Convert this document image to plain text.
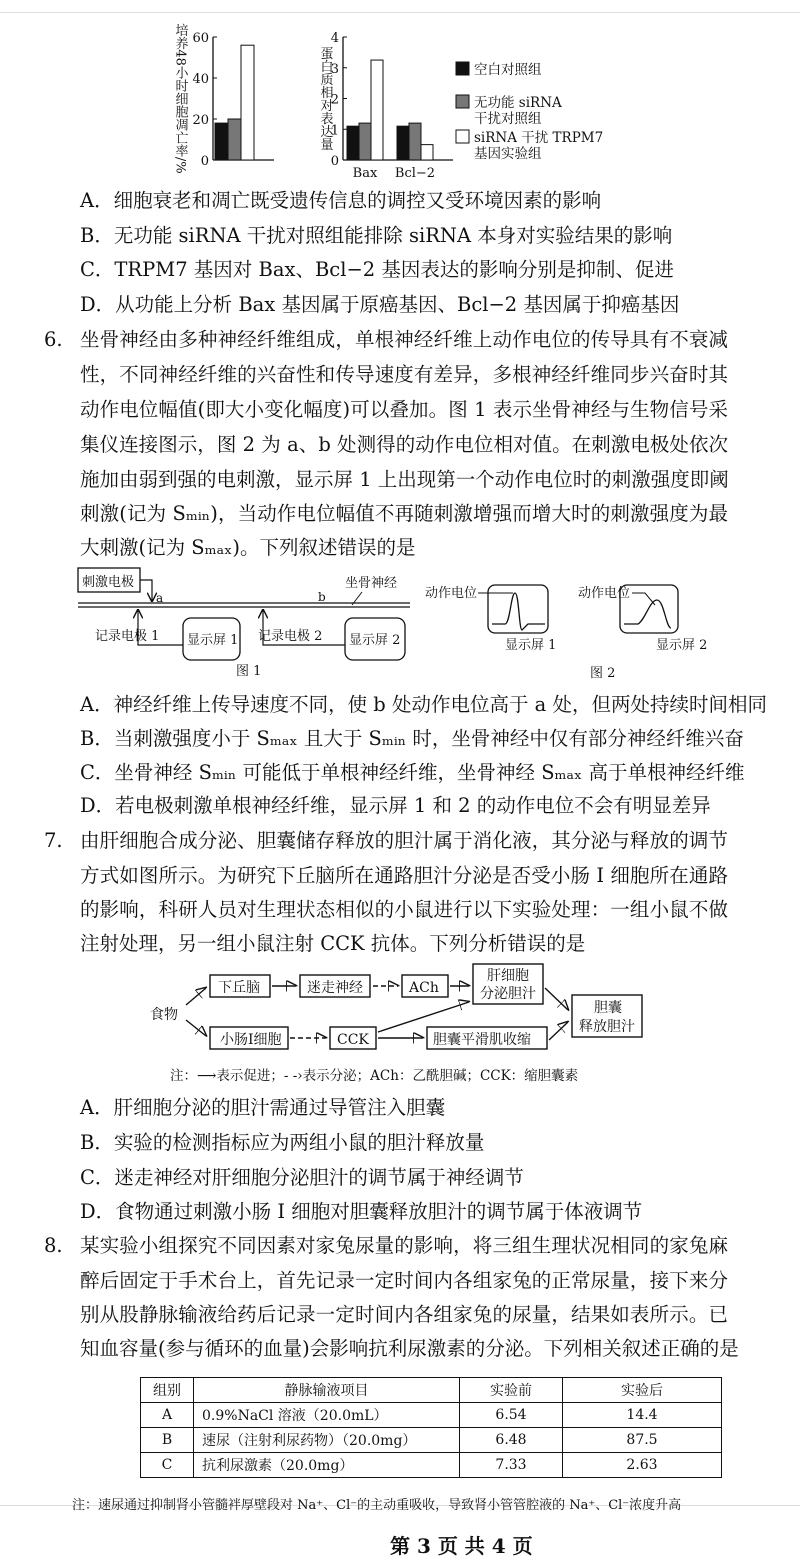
0
20
40
60
培养48小时细胞凋亡率/%	0
1
2
3
4
Bax Bcl−2
蛋白质相对表达量	空白对照组
无功能 siRNA
干扰对照组
siRNA 干扰 TRPM7
基因实验组
A．细胞衰老和凋亡既受遗传信息的调控又受环境因素的影响
B．无功能 siRNA 干扰对照组能排除 siRNA 本身对实验结果的影响
C．TRPM7 基因对 Bax、Bcl−2 基因表达的影响分别是抑制、促进
D．从功能上分析 Bax 基因属于原癌基因、Bcl−2 基因属于抑癌基因
6. 坐骨神经由多种神经纤维组成，单根神经纤维上动作电位的传导具有不衰减
性，不同神经纤维的兴奋性和传导速度有差异，多根神经纤维同步兴奋时其
动作电位幅值(即大小变化幅度)可以叠加。图 1 表示坐骨神经与生物信号采
集仪连接图示，图 2 为 a、b 处测得的动作电位相对值。在刺激电极处依次
施加由弱到强的电刺激，显示屏 1 上出现第一个动作电位时的刺激强度即阈
刺激(记为 Sₘᵢₙ)，当动作电位幅值不再随刺激增强而增大时的刺激强度为最
大刺激(记为 Sₘₐₓ)。下列叙述错误的是
A．神经纤维上传导速度不同，使 b 处动作电位高于 a 处，但两处持续时间相同
B．当刺激强度小于 Sₘₐₓ 且大于 Sₘᵢₙ 时，坐骨神经中仅有部分神经纤维兴奋
C．坐骨神经 Sₘᵢₙ 可能低于单根神经纤维，坐骨神经 Sₘₐₓ 高于单根神经纤维
D．若电极刺激单根神经纤维，显示屏 1 和 2 的动作电位不会有明显差异
7. 由肝细胞合成分泌、胆囊储存释放的胆汁属于消化液，其分泌与释放的调节
方式如图所示。为研究下丘脑所在通路胆汁分泌是否受小肠 I 细胞所在通路
的影响，科研人员对生理状态相似的小鼠进行以下实验处理：一组小鼠不做
注射处理，另一组小鼠注射 CCK 抗体。下列分析错误的是
A．肝细胞分泌的胆汁需通过导管注入胆囊
B．实验的检测指标应为两组小鼠的胆汁释放量
C．迷走神经对肝细胞分泌胆汁的调节属于神经调节
D．食物通过刺激小肠 I 细胞对胆囊释放胆汁的调节属于体液调节
8. 某实验小组探究不同因素对家兔尿量的影响，将三组生理状况相同的家兔麻
醉后固定于手术台上，首先记录一定时间内各组家兔的正常尿量，接下来分
别从股静脉输液给药后记录一定时间内各组家兔的尿量，结果如表所示。已
知血容量(参与循环的血量)会影响抗利尿激素的分泌。下列相关叙述正确的是
刺激电极
a	b
坐骨神经
记录电极 1 显示屏 1 记录电极 2 显示屏 2
图 1
动作电位
显示屏 1
动作电位
显示屏 2
图 2
食物
下丘脑	迷走神经	ACh
肝细胞
分泌胆汁
胆囊
释放胆汁
小肠I细胞	CCK	胆囊平滑肌收缩
注：⟶表示促进；- -›表示分泌；ACh：乙酰胆碱；CCK：缩胆囊素
组别	静脉输液项目	实验前	实验后
A	0.9%NaCl 溶液（20.0mL）	6.54	14.4
B	速尿（注射利尿药物）（20.0mg）	6.48	87.5
C	抗利尿激素（20.0mg）	7.33	2.63
注：速尿通过抑制肾小管髓袢厚壁段对 Na⁺、Cl⁻的主动重吸收，导致肾小管管腔液的 Na⁺、Cl⁻浓度升高
第 3 页 共 4 页
